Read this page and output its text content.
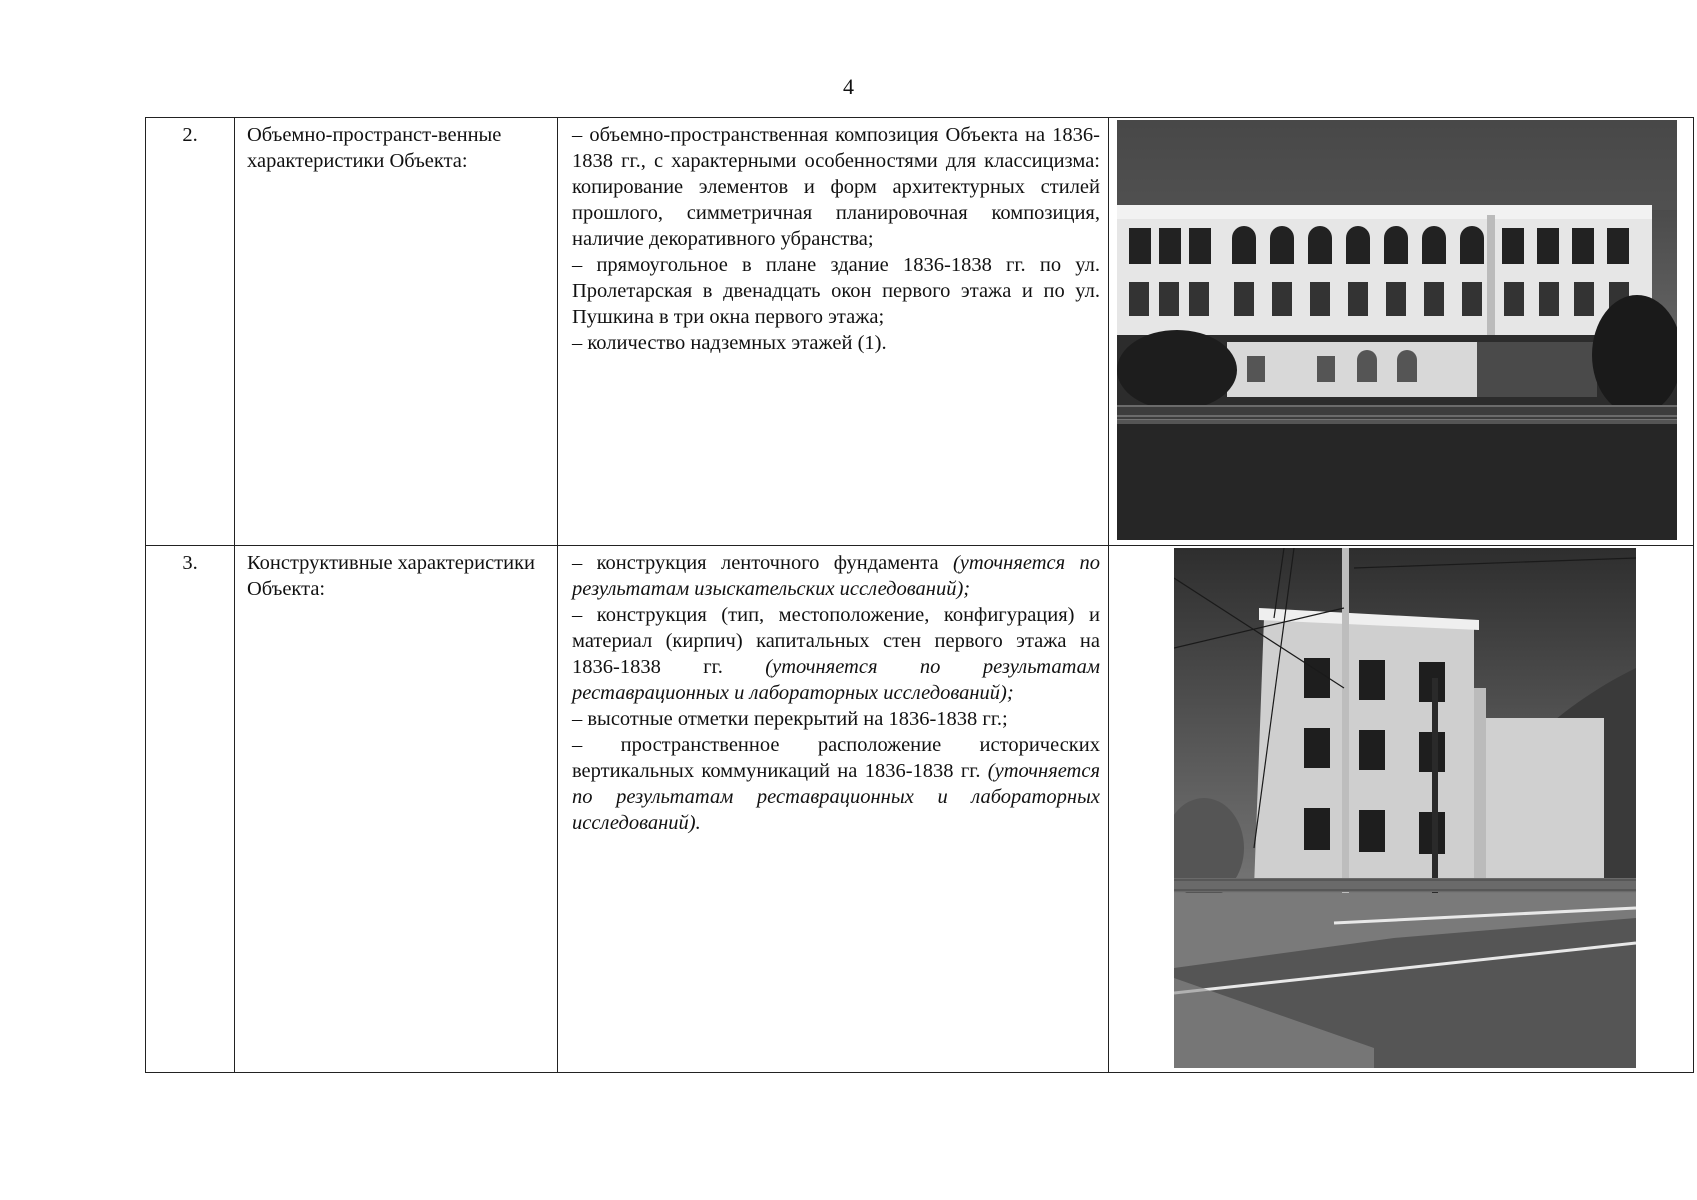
4
2.	Объемно-пространст-венные характеристики Объекта:	– объемно-пространственная композиция Объекта на 1836-1838 гг., с характерными особенностями для классицизма: копирование элементов и форм архитектурных стилей прошлого, симметричная планировочная композиция, наличие декоративного убранства;

– прямоугольное в плане здание 1836-1838 гг. по ул. Пролетарская в двенадцать окон первого этажа и по ул. Пушкина в три окна первого этажа;

– количество надземных этажей (1).

3.	Конструктивные характеристики Объекта:	– конструкция ленточного фундамента (уточняется по результатам изыскательских исследований);

– конструкция (тип, местоположение, конфигурация) и материал (кирпич) капитальных стен первого этажа на 1836-1838 гг. (уточняется по результатам реставрационных и лабораторных исследований);

– высотные отметки перекрытий на 1836-1838 гг.;

– пространственное расположение исторических вертикальных коммуникаций на 1836-1838 гг. (уточняется по результатам реставрационных и лабораторных исследований).
